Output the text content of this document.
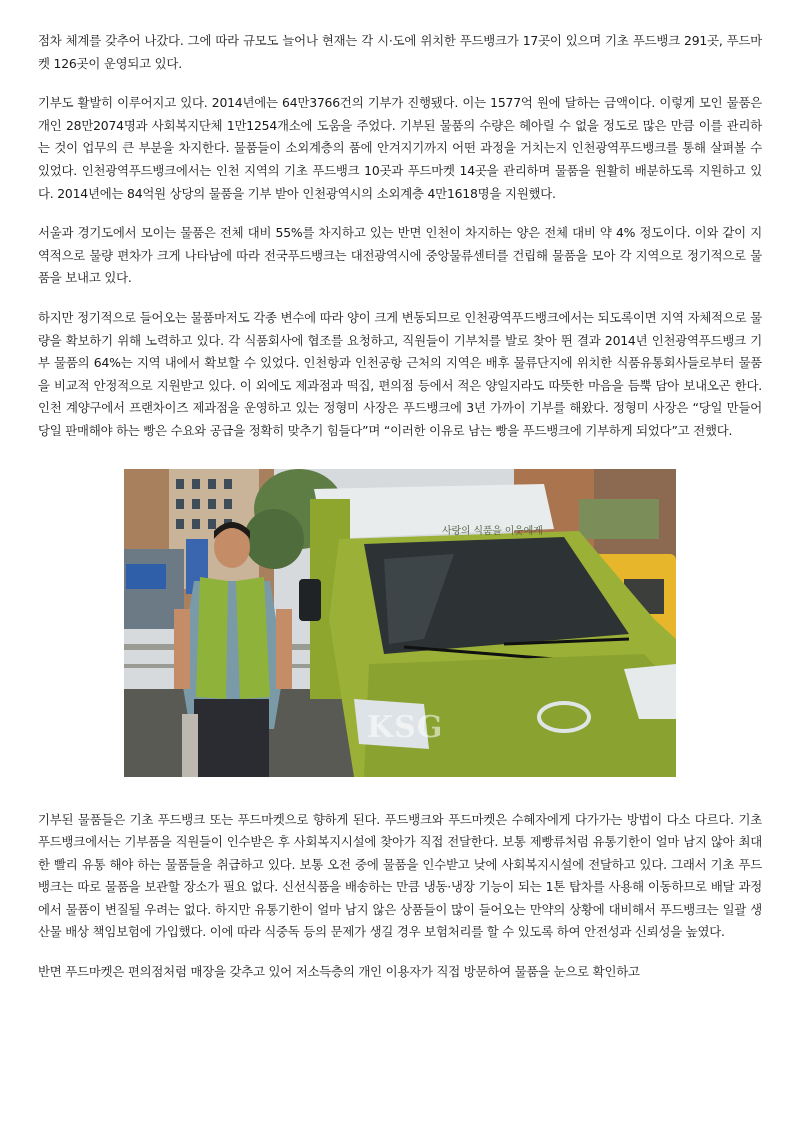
점차 체계를 갖추어 나갔다. 그에 따라 규모도 늘어나 현재는 각 시·도에 위치한 푸드뱅크가 17곳이 있으며 기초 푸드뱅크 291곳, 푸드마켓 126곳이 운영되고 있다.

기부도 활발히 이루어지고 있다. 2014년에는 64만3766건의 기부가 진행됐다. 이는 1577억 원에 달하는 금액이다. 이렇게 모인 물품은 개인 28만2074명과 사회복지단체 1만1254개소에 도움을 주었다. 기부된 물품의 수량은 헤아릴 수 없을 정도로 많은 만큼 이를 관리하는 것이 업무의 큰 부분을 차지한다. 물품들이 소외계층의 품에 안겨지기까지 어떤 과정을 거치는지 인천광역푸드뱅크를 통해 살펴볼 수 있었다. 인천광역푸드뱅크에서는 인천 지역의 기초 푸드뱅크 10곳과 푸드마켓 14곳을 관리하며 물품을 원활히 배분하도록 지원하고 있다. 2014년에는 84억원 상당의 물품을 기부 받아 인천광역시의 소외계층 4만1618명을 지원했다.

서울과 경기도에서 모이는 물품은 전체 대비 55%를 차지하고 있는 반면 인천이 차지하는 양은 전체 대비 약 4% 정도이다. 이와 같이 지역적으로 물량 편차가 크게 나타남에 따라 전국푸드뱅크는 대전광역시에 중앙물류센터를 건립해 물품을 모아 각 지역으로 정기적으로 물품을 보내고 있다.

하지만 정기적으로 들어오는 물품마저도 각종 변수에 따라 양이 크게 변동되므로 인천광역푸드뱅크에서는 되도록이면 지역 자체적으로 물량을 확보하기 위해 노력하고 있다. 각 식품회사에 협조를 요청하고, 직원들이 기부처를 발로 찾아 뛴 결과 2014년 인천광역푸드뱅크 기부 물품의 64%는 지역 내에서 확보할 수 있었다. 인천항과 인천공항 근처의 지역은 배후 물류단지에 위치한 식품유통회사들로부터 물품을 비교적 안정적으로 지원받고 있다. 이 외에도 제과점과 떡집, 편의점 등에서 적은 양일지라도 따뜻한 마음을 듬뿍 담아 보내오곤 한다. 인천 계양구에서 프랜차이즈 제과점을 운영하고 있는 정형미 사장은 푸드뱅크에 3년 가까이 기부를 해왔다. 정형미 사장은 “당일 만들어 당일 판매해야 하는 빵은 수요와 공급을 정확히 맞추기 힘들다”며 “이러한 이유로 남는 빵을 푸드뱅크에 기부하게 되었다”고 전했다.

사랑의 식품을 이웃에게
KSG

기부된 물품들은 기초 푸드뱅크 또는 푸드마켓으로 향하게 된다. 푸드뱅크와 푸드마켓은 수혜자에게 다가가는 방법이 다소 다르다. 기초 푸드뱅크에서는 기부품을 직원들이 인수받은 후 사회복지시설에 찾아가 직접 전달한다. 보통 제빵류처럼 유통기한이 얼마 남지 않아 최대한 빨리 유통 해야 하는 물품들을 취급하고 있다. 보통 오전 중에 물품을 인수받고 낮에 사회복지시설에 전달하고 있다. 그래서 기초 푸드뱅크는 따로 물품을 보관할 장소가 필요 없다. 신선식품을 배송하는 만큼 냉동·냉장 기능이 되는 1톤 탑차를 사용해 이동하므로 배달 과정에서 물품이 변질될 우려는 없다. 하지만 유통기한이 얼마 남지 않은 상품들이 많이 들어오는 만약의 상황에 대비해서 푸드뱅크는 일괄 생산물 배상 책임보험에 가입했다. 이에 따라 식중독 등의 문제가 생길 경우 보험처리를 할 수 있도록 하여 안전성과 신뢰성을 높였다.

반면 푸드마켓은 편의점처럼 매장을 갖추고 있어 저소득층의 개인 이용자가 직접 방문하여 물품을 눈으로 확인하고
